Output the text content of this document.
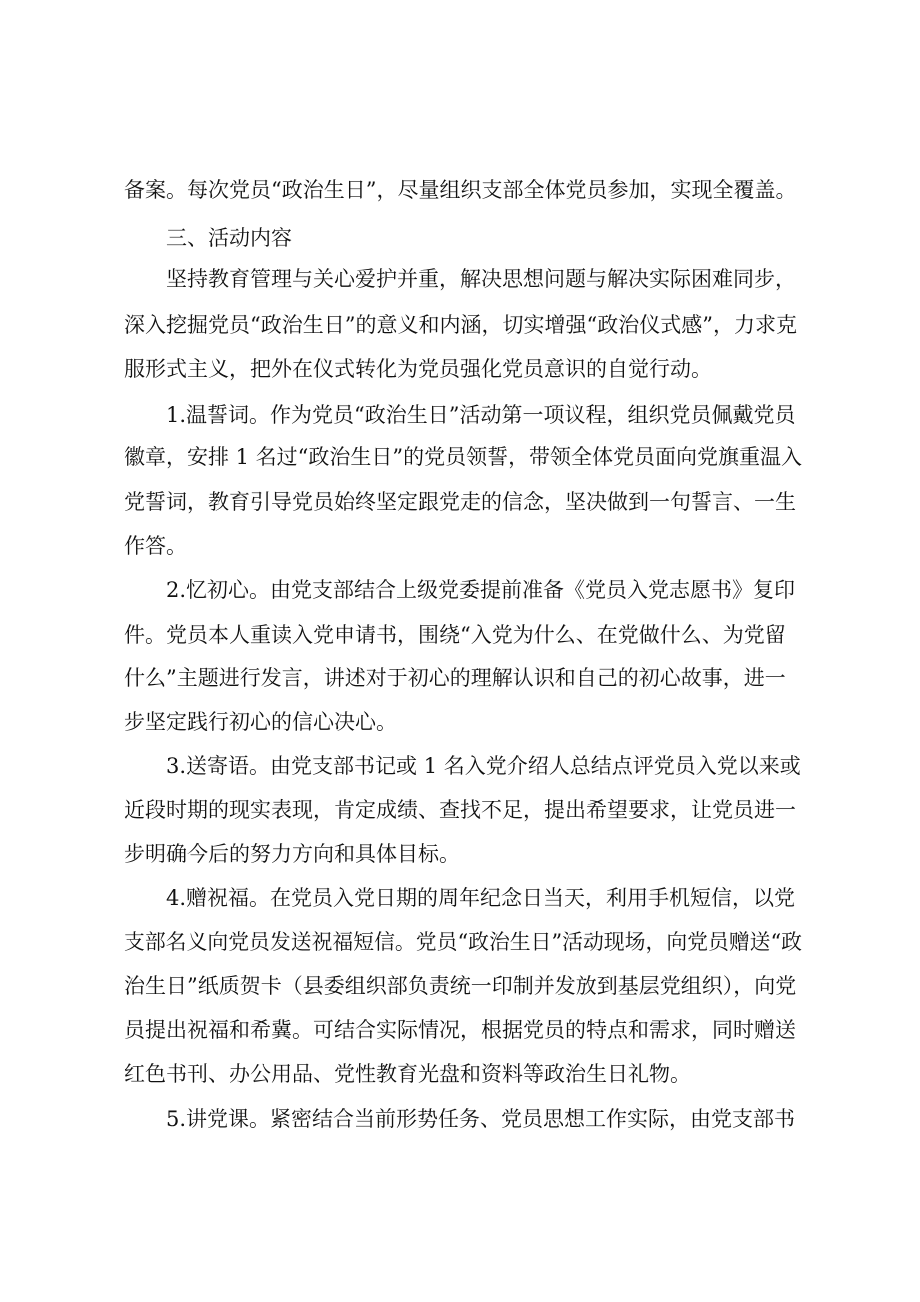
备案。每次党员“政治生日”，尽量组织支部全体党员参加，实现全覆盖。
三、活动内容
坚持教育管理与关心爱护并重，解决思想问题与解决实际困难同步，
深入挖掘党员“政治生日”的意义和内涵，切实增强“政治仪式感”，力求克
服形式主义，把外在仪式转化为党员强化党员意识的自觉行动。
1.温誓词。作为党员“政治生日”活动第一项议程，组织党员佩戴党员
徽章，安排 1 名过“政治生日”的党员领誓，带领全体党员面向党旗重温入
党誓词，教育引导党员始终坚定跟党走的信念，坚决做到一句誓言、一生
作答。
2.忆初心。由党支部结合上级党委提前准备《党员入党志愿书》复印
件。党员本人重读入党申请书，围绕“入党为什么、在党做什么、为党留
什么”主题进行发言，讲述对于初心的理解认识和自己的初心故事，进一
步坚定践行初心的信心决心。
3.送寄语。由党支部书记或 1 名入党介绍人总结点评党员入党以来或
近段时期的现实表现，肯定成绩、查找不足，提出希望要求，让党员进一
步明确今后的努力方向和具体目标。
4.赠祝福。在党员入党日期的周年纪念日当天，利用手机短信，以党
支部名义向党员发送祝福短信。党员“政治生日”活动现场，向党员赠送“政
治生日”纸质贺卡（县委组织部负责统一印制并发放到基层党组织），向党
员提出祝福和希冀。可结合实际情况，根据党员的特点和需求，同时赠送
红色书刊、办公用品、党性教育光盘和资料等政治生日礼物。
5.讲党课。紧密结合当前形势任务、党员思想工作实际，由党支部书
